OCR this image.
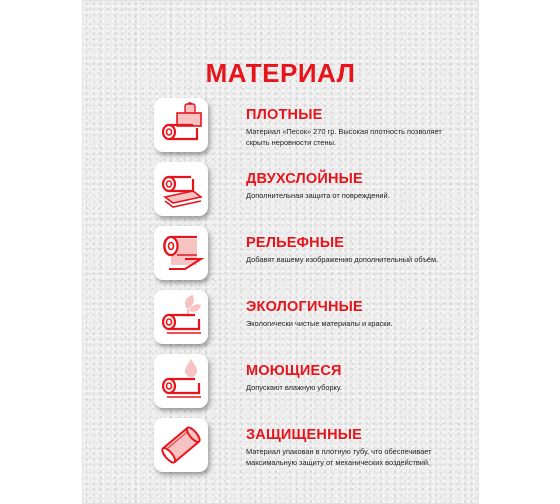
МАТЕРИАЛ
ПЛОТНЫЕ
Материал «Песок» 270 гр. Высокая плотность позволяет скрыть неровности стены.
ДВУХСЛОЙНЫЕ
Дополнительная защита от повреждений.
РЕЛЬЕФНЫЕ
Добавят вашему изображению дополнительный объём.
ЭКОЛОГИЧНЫЕ
Экологически чистые материалы и краски.
МОЮЩИЕСЯ
Допускают влажную уборку.
ЗАЩИЩЕННЫЕ
Материал упакован в плотную тубу, что обеспечивает максимальную защиту от механических воздействий.
